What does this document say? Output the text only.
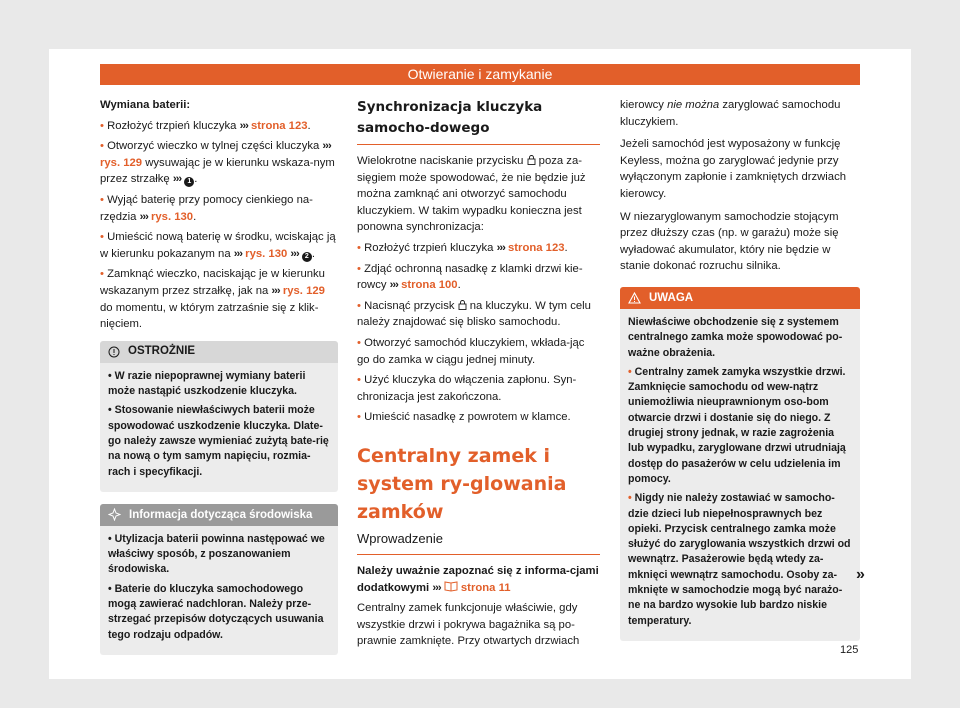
Otwieranie i zamykanie

Wymiana baterii:

• Rozłożyć trzpień kluczyka ››› strona 123.

• Otworzyć wieczko w tylnej części kluczyka ››› rys. 129 wysuwając je w kierunku wskaza-nym przez strzałkę ››› 1 .

• Wyjąć baterię przy pomocy cienkiego na-rzędzia ››› rys. 130.

• Umieścić nową baterię w środku, wciskając ją w kierunku pokazanym na ››› rys. 130 ››› 2 .

• Zamknąć wieczko, naciskając je w kierunku wskazanym przez strzałkę, jak na ››› rys. 129 do momentu, w którym zatrzaśnie się z klik-nięciem.

OSTROŻNIE

• W razie niepoprawnej wymiany baterii może nastąpić uszkodzenie kluczyka.

• Stosowanie niewłaściwych baterii może spowodować uszkodzenie kluczyka. Dlate-go należy zawsze wymieniać zużytą bate-rię na nową o tym samym napięciu, rozmia-rach i specyfikacji.

Informacja dotycząca środowiska

• Utylizacja baterii powinna następować we właściwy sposób, z poszanowaniem środowiska.

• Baterie do kluczyka samochodowego mogą zawierać nadchloran. Należy prze-strzegać przepisów dotyczących usuwania tego rodzaju odpadów.

Synchronizacja kluczyka samocho-dowego

Wielokrotne naciskanie przycisku  poza za-sięgiem może spowodować, że nie będzie już można zamknąć ani otworzyć samochodu kluczykiem. W takim wypadku konieczna jest ponowna synchronizacja:

• Rozłożyć trzpień kluczyka ››› strona 123.

• Zdjąć ochronną nasadkę z klamki drzwi kie-rowcy ››› strona 100.

• Nacisnąć przycisk  na kluczyku. W tym celu należy znajdować się blisko samochodu.

• Otworzyć samochód kluczykiem, wkłada-jąc go do zamka w ciągu jednej minuty.

• Użyć kluczyka do włączenia zapłonu. Syn-chronizacja jest zakończona.

• Umieścić nasadkę z powrotem w klamce.

Centralny zamek i system ry-glowania zamków
Wprowadzenie

Należy uważnie zapoznać się z informa-cjami dodatkowymi ›››  strona 11

Centralny zamek funkcjonuje właściwie, gdy wszystkie drzwi i pokrywa bagażnika są po-prawnie zamknięte. Przy otwartych drzwiach

kierowcy nie można zaryglować samochodu kluczykiem.

Jeżeli samochód jest wyposażony w funkcję Keyless, można go zaryglować jedynie przy wyłączonym zapłonie i zamkniętych drzwiach kierowcy.

W niezaryglowanym samochodzie stojącym przez dłuższy czas (np. w garażu) może się wyładować akumulator, który nie będzie w stanie dokonać rozruchu silnika.

UWAGA

Niewłaściwe obchodzenie się z systemem centralnego zamka może spowodować po-ważne obrażenia.

• Centralny zamek zamyka wszystkie drzwi. Zamknięcie samochodu od wew-nątrz uniemożliwia nieuprawnionym oso-bom otwarcie drzwi i dostanie się do niego. Z drugiej strony jednak, w razie zagrożenia lub wypadku, zaryglowane drzwi utrudniają dostęp do pasażerów w celu udzielenia im pomocy.

• Nigdy nie należy zostawiać w samocho-dzie dzieci lub niepełnosprawnych bez opieki. Przycisk centralnego zamka może służyć do zaryglowania wszystkich drzwi od wewnątrz. Pasażerowie będą wtedy za-mknięci wewnątrz samochodu. Osoby za-mknięte w samochodzie mogą być narażo-ne na bardzo wysokie lub bardzo niskie temperatury.

»
125
